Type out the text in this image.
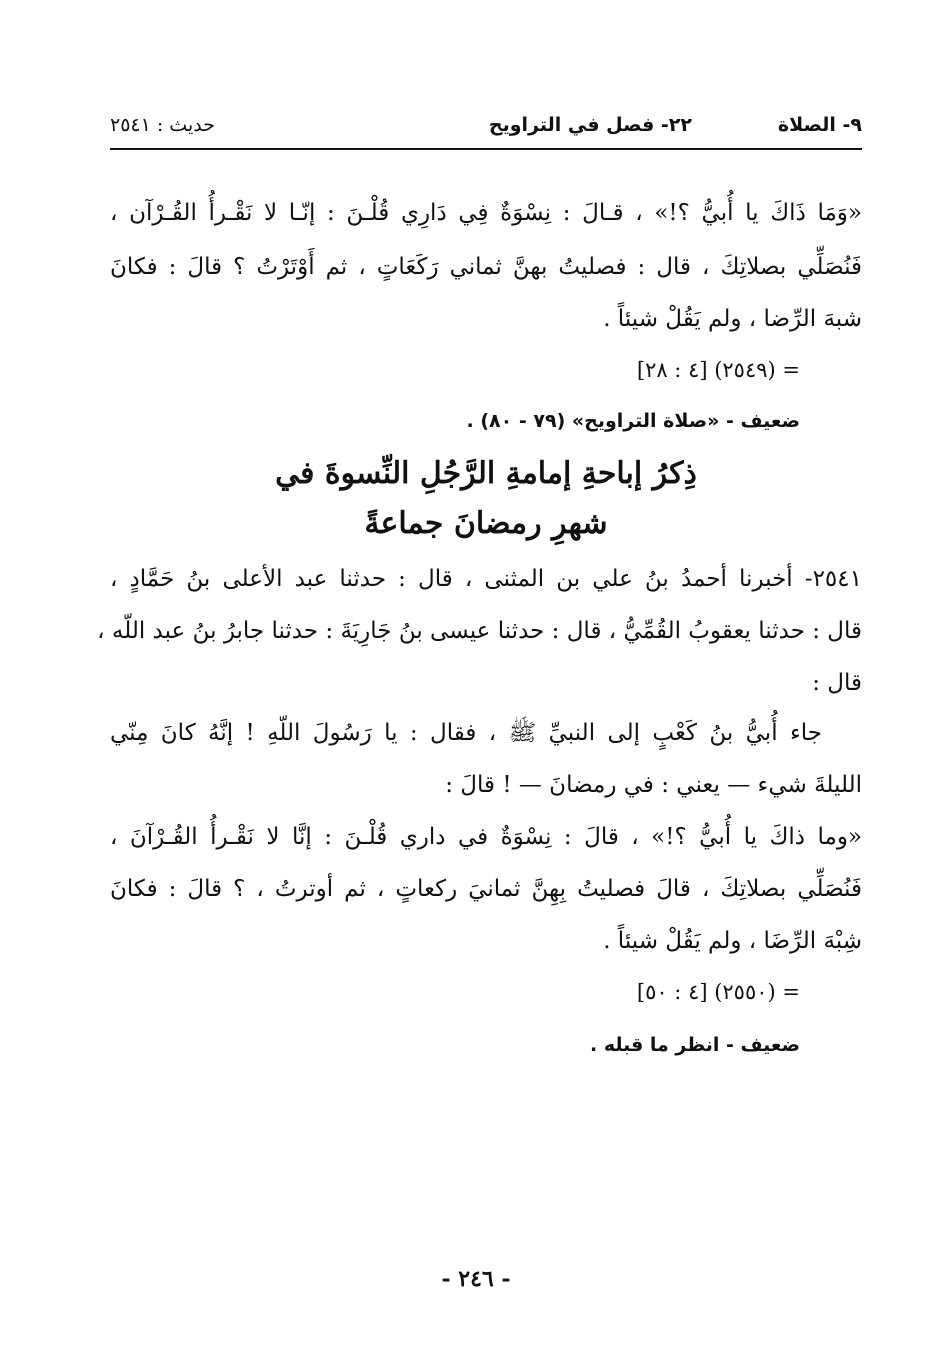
٩- الصلاة
٢٢- فصل في التراويح
حديث : ٢٥٤١
«وَمَا ذَاكَ يا أُبيُّ ؟!» ، قـالَ : نِسْوَةٌ فِي دَارِي قُلْـنَ : إنّـا لا نَقْـرأُ القُـرْآن ،
فَنُصَلِّي بصلاتِكَ ، قال : فصليتُ بهنَّ ثماني رَكَعَاتٍ ، ثم أَوْتَرْتُ ؟ قالَ : فكانَ
شبهَ الرِّضا ، ولم يَقُلْ شيئاً .
= (٢٥٤٩) [٤ : ٢٨]
ضعيف - «صلاة التراويح» (٧٩ - ٨٠) .
ذِكرُ إباحةِ إمامةِ الرَّجُلِ النِّسوةَ في
شهرِ رمضانَ جماعةً
٢٥٤١- أخبرنا أحمدُ بنُ علي بن المثنى ، قال : حدثنا عبد الأعلى بنُ حَمَّادٍ ،
قال : حدثنا يعقوبُ القُمِّيُّ ، قال : حدثنا عيسى بنُ جَارِيَةَ : حدثنا جابرُ بنُ عبد اللّه ،
قال :
جاء أُبيُّ بنُ كَعْبٍ إلى النبيِّ ﷺ ، فقال : يا رَسُولَ اللّهِ ! إنَّهُ كانَ مِنّي
الليلةَ شيء — يعني : في رمضانَ — ! قالَ :
«وما ذاكَ يا أُبيُّ ؟!» ، قالَ : نِسْوَةٌ في داري قُلْـنَ : إنَّا لا نَقْـرأُ القُـرْآنَ ،
فَنُصَلِّي بصلاتِكَ ، قالَ فصليتُ بِهِنَّ ثمانيَ ركعاتٍ ، ثم أوترتُ ، ؟ قالَ : فكانَ
شِبْهَ الرِّضَا ، ولم يَقُلْ شيئاً .
= (٢٥٥٠) [٤ : ٥٠]
ضعيف - انظر ما قبله .
- ٢٤٦ -
